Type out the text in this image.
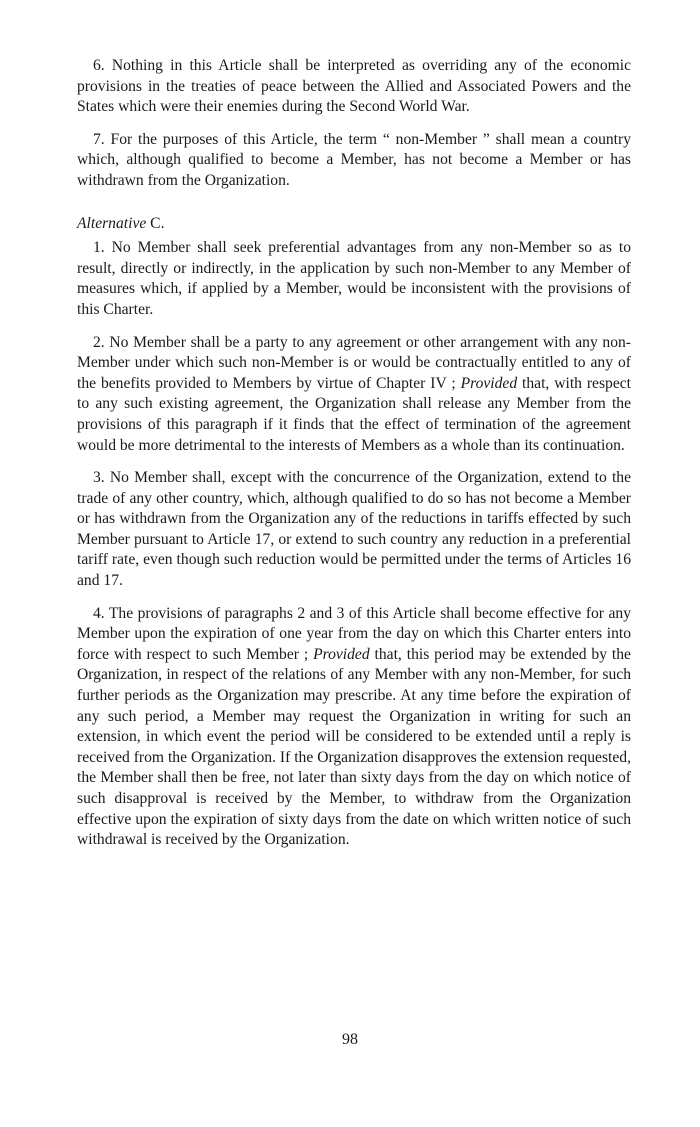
6. Nothing in this Article shall be interpreted as overriding any of the economic provisions in the treaties of peace between the Allied and Associated Powers and the States which were their enemies during the Second World War.

7. For the purposes of this Article, the term “ non-Member ” shall mean a country which, although qualified to become a Member, has not become a Member or has withdrawn from the Organization.

Alternative C.

1. No Member shall seek preferential advantages from any non-Member so as to result, directly or indirectly, in the application by such non-Member to any Member of measures which, if applied by a Member, would be inconsistent with the provisions of this Charter.

2. No Member shall be a party to any agreement or other arrangement with any non-Member under which such non-Member is or would be contractually entitled to any of the benefits provided to Members by virtue of Chapter IV ; Provided that, with respect to any such existing agreement, the Organization shall release any Member from the provisions of this paragraph if it finds that the effect of termination of the agreement would be more detrimental to the interests of Members as a whole than its continuation.

3. No Member shall, except with the concurrence of the Organization, extend to the trade of any other country, which, although qualified to do so has not become a Member or has withdrawn from the Organization any of the reductions in tariffs effected by such Member pursuant to Article 17, or extend to such country any reduction in a preferential tariff rate, even though such reduction would be permitted under the terms of Articles 16 and 17.

4. The provisions of paragraphs 2 and 3 of this Article shall become effective for any Member upon the expiration of one year from the day on which this Charter enters into force with respect to such Member ; Provided that, this period may be extended by the Organization, in respect of the relations of any Member with any non-Member, for such further periods as the Organization may prescribe. At any time before the expiration of any such period, a Member may request the Organization in writing for such an extension, in which event the period will be considered to be extended until a reply is received from the Organization. If the Organization disapproves the extension requested, the Member shall then be free, not later than sixty days from the day on which notice of such disapproval is received by the Member, to withdraw from the Organization effective upon the expiration of sixty days from the date on which written notice of such withdrawal is received by the Organization.

98
